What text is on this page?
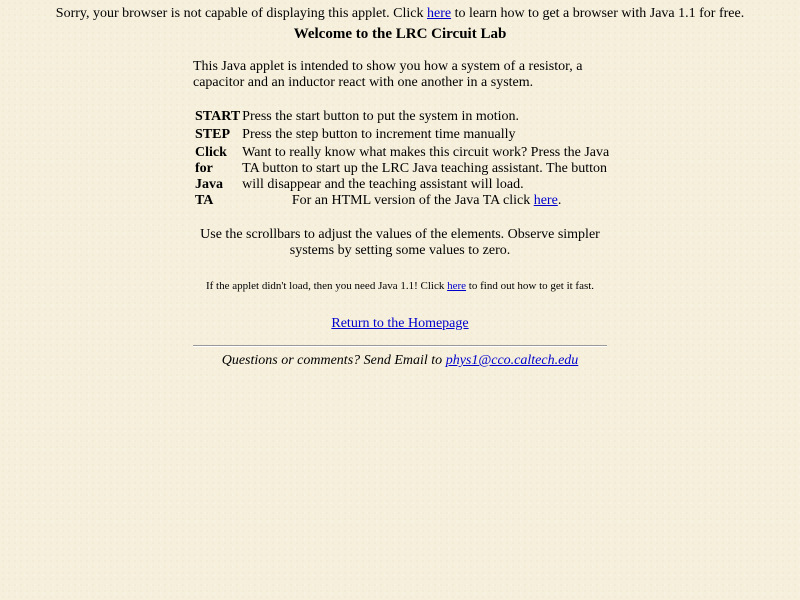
Sorry, your browser is not capable of displaying this applet. Click here to learn how to get a browser with Java 1.1 for free.
Welcome to the LRC Circuit Lab
This Java applet is intended to show you how a system of a resistor, a capacitor and an inductor react with one another in a system.
START	Press the start button to put the system in motion.
STEP	Press the step button to increment time manually
Click for Java TA	Want to really know what makes this circuit work? Press the Java TA button to start up the LRC Java teaching assistant. The button will disappear and the teaching assistant will load.
For an HTML version of the Java TA click here.
Use the scrollbars to adjust the values of the elements. Observe simpler systems by setting some values to zero.
If the applet didn't load, then you need Java 1.1! Click here to find out how to get it fast.
Return to the Homepage
Questions or comments? Send Email to phys1@cco.caltech.edu
